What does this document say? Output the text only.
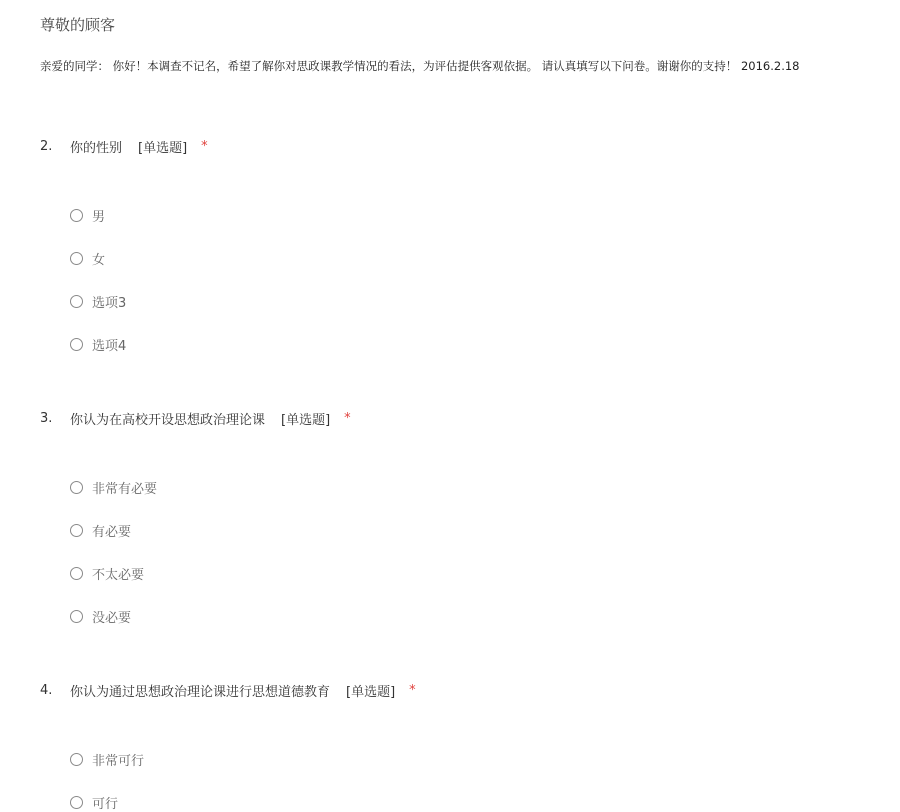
尊敬的顾客
亲爱的同学： 你好！本调查不记名，希望了解你对思政课教学情况的看法，为评估提供客观依据。 请认真填写以下问卷。谢谢你的支持！ 2016.2.18
2.	你的性别 [单选题] *
男
女
选项3
选项4
3.	你认为在高校开设思想政治理论课 [单选题] *
非常有必要
有必要
不太必要
没必要
4.	你认为通过思想政治理论课进行思想道德教育 [单选题] *
非常可行
可行
